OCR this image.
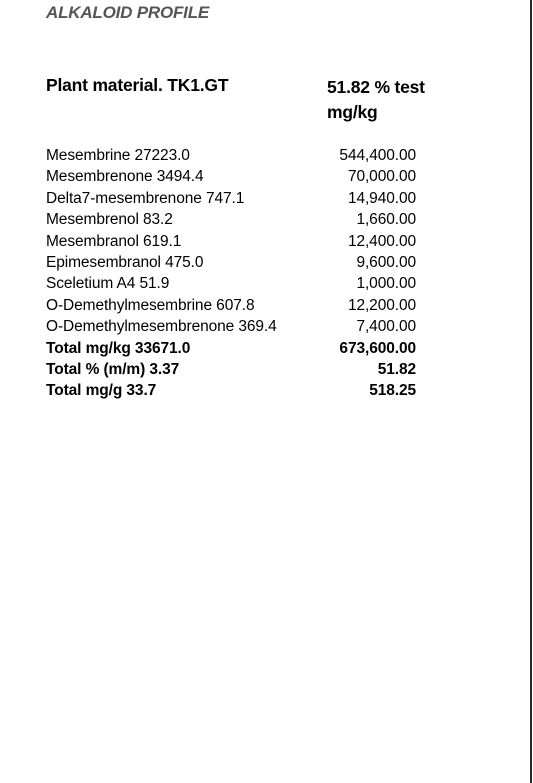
ALKALOID PROFILE
Plant material. TK1.GT	51.82 % test
mg/kg
Mesembrine 27223.0	544,400.00
Mesembrenone 3494.4	70,000.00
Delta7-mesembrenone 747.1	14,940.00
Mesembrenol 83.2	1,660.00
Mesembranol 619.1	12,400.00
Epimesembranol 475.0	9,600.00
Sceletium A4 51.9	1,000.00
O-Demethylmesembrine 607.8	12,200.00
O-Demethylmesembrenone 369.4	7,400.00
Total mg/kg 33671.0	673,600.00
Total % (m/m) 3.37	51.82
Total mg/g 33.7	518.25
